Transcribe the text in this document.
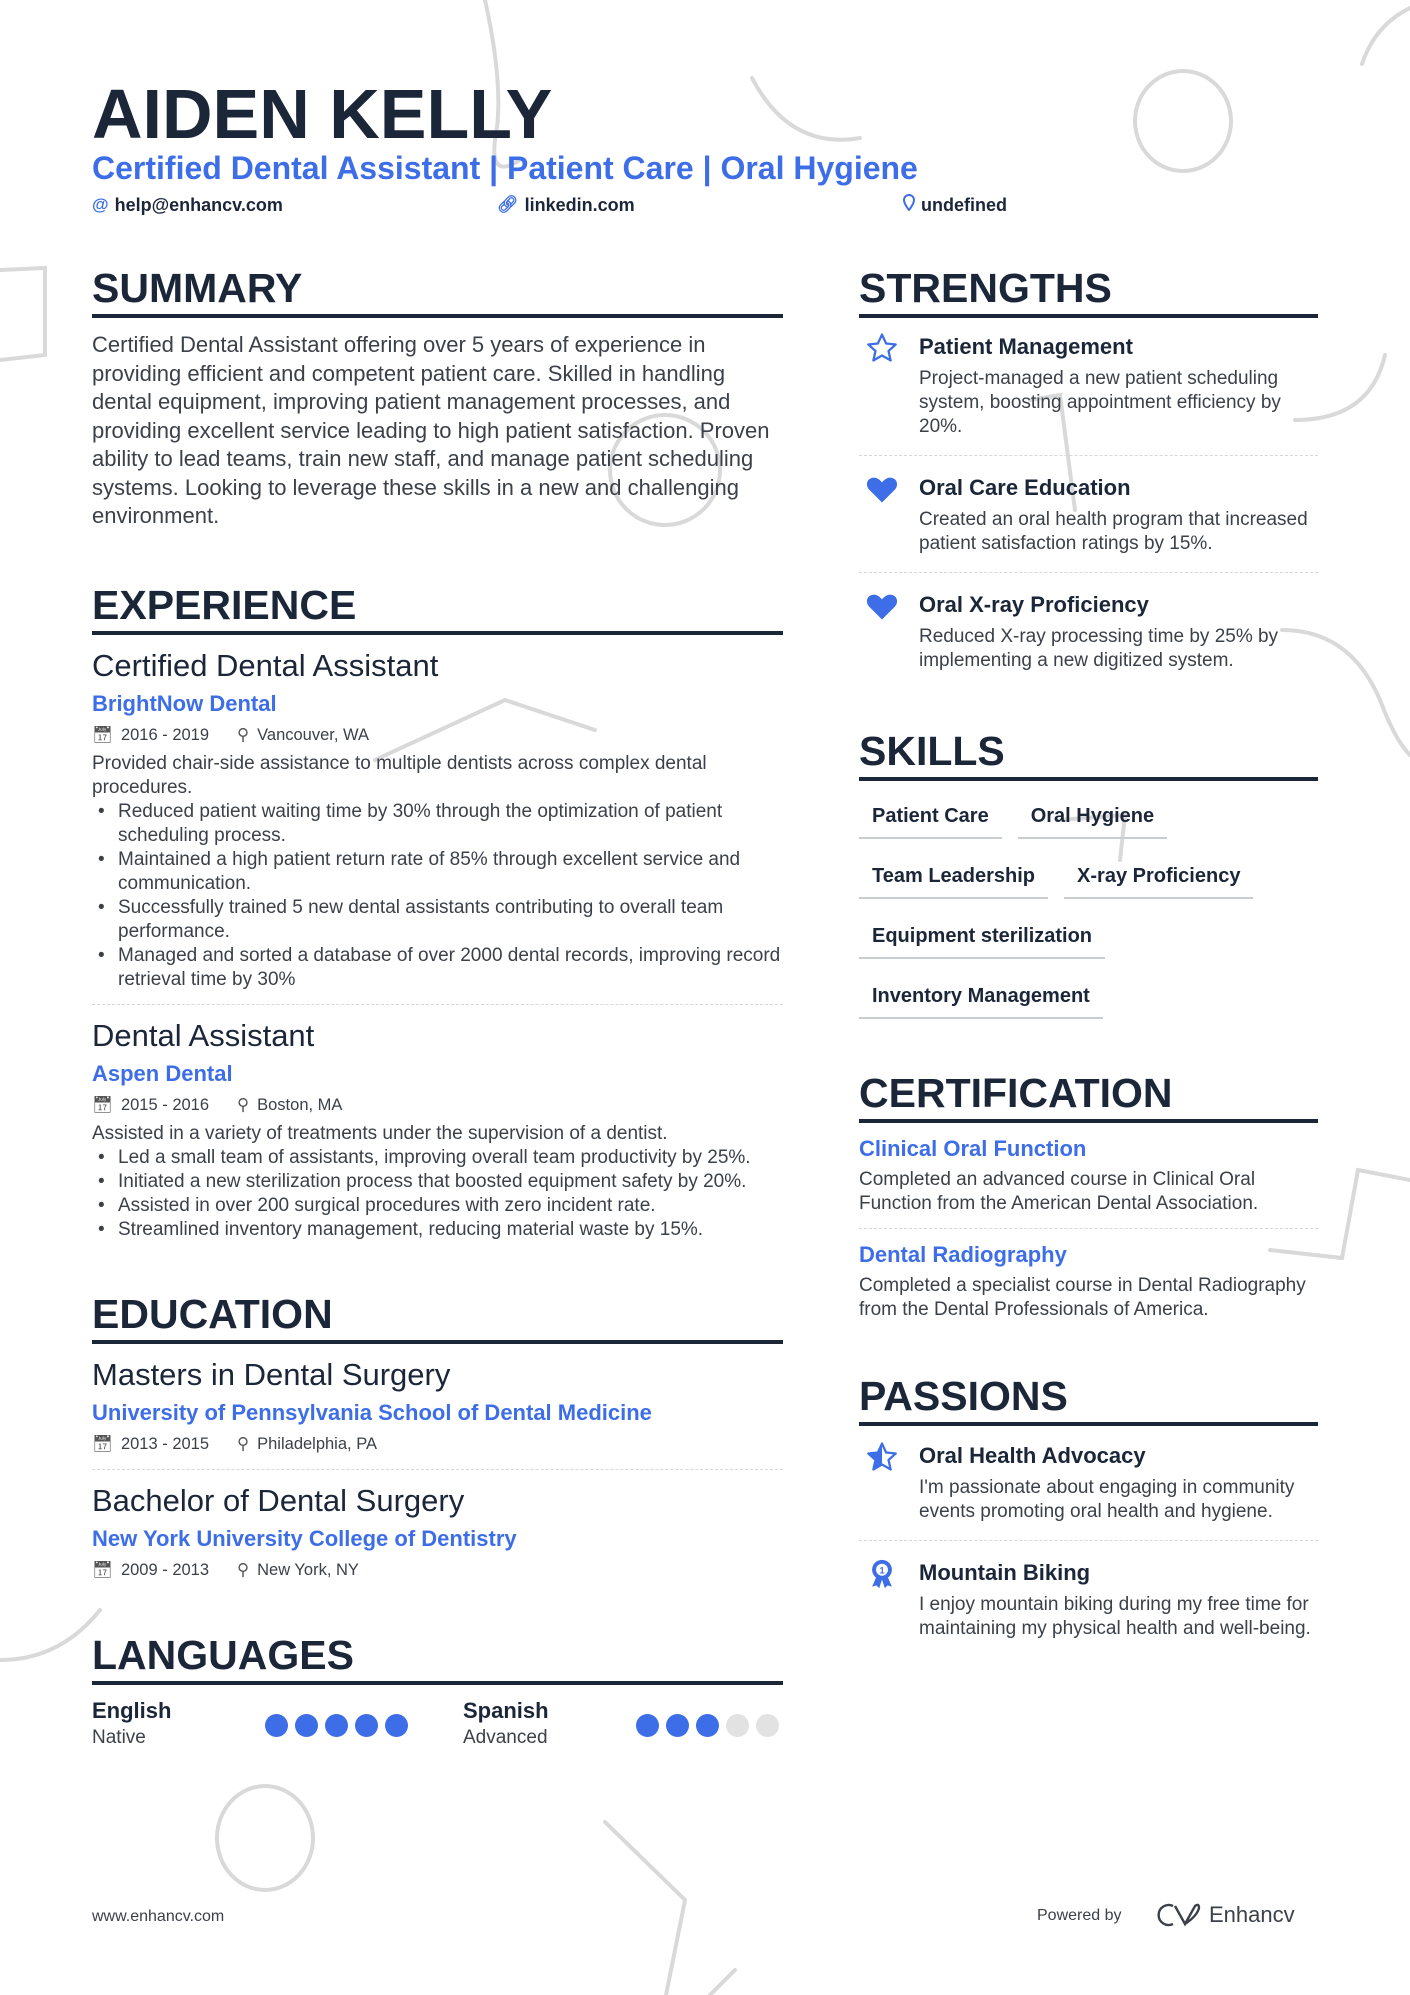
AIDEN KELLY
Certified Dental Assistant | Patient Care | Oral Hygiene
@ help@enhancv.com	🔗︎ linkedin.com	undefined
SUMMARY
Certified Dental Assistant offering over 5 years of experience in providing efficient and competent patient care. Skilled in handling dental equipment, improving patient management processes, and providing excellent service leading to high patient satisfaction. Proven ability to lead teams, train new staff, and manage patient scheduling systems. Looking to leverage these skills in a new and challenging environment.
EXPERIENCE
Certified Dental Assistant
BrightNow Dental
📅︎ 2016 - 2019 ⚲ Vancouver, WA
Provided chair-side assistance to multiple dentists across complex dental procedures.
• Reduced patient waiting time by 30% through the optimization of patient scheduling process.
• Maintained a high patient return rate of 85% through excellent service and communication.
• Successfully trained 5 new dental assistants contributing to overall team performance.
• Managed and sorted a database of over 2000 dental records, improving record retrieval time by 30%
Dental Assistant
Aspen Dental
📅︎ 2015 - 2016 ⚲ Boston, MA
Assisted in a variety of treatments under the supervision of a dentist.
• Led a small team of assistants, improving overall team productivity by 25%.
• Initiated a new sterilization process that boosted equipment safety by 20%.
• Assisted in over 200 surgical procedures with zero incident rate.
• Streamlined inventory management, reducing material waste by 15%.
EDUCATION
Masters in Dental Surgery
University of Pennsylvania School of Dental Medicine
📅︎ 2013 - 2015 ⚲ Philadelphia, PA
Bachelor of Dental Surgery
New York University College of Dentistry
📅︎ 2009 - 2013 ⚲ New York, NY
LANGUAGES
English
Native
Spanish
Advanced
STRENGTHS
Patient Management
Project-managed a new patient scheduling system, boosting appointment efficiency by 20%.
Oral Care Education
Created an oral health program that increased patient satisfaction ratings by 15%.
Oral X-ray Proficiency
Reduced X-ray processing time by 25% by implementing a new digitized system.
SKILLS
Patient Care	Oral Hygiene
Team Leadership	X-ray Proficiency
Equipment sterilization
Inventory Management
CERTIFICATION
Clinical Oral Function
Completed an advanced course in Clinical Oral Function from the American Dental Association.
Dental Radiography
Completed a specialist course in Dental Radiography from the Dental Professionals of America.
PASSIONS
Oral Health Advocacy
I'm passionate about engaging in community events promoting oral health and hygiene.
1 Mountain Biking
I enjoy mountain biking during my free time for maintaining my physical health and well-being.
www.enhancv.com	Powered by	Enhancv
